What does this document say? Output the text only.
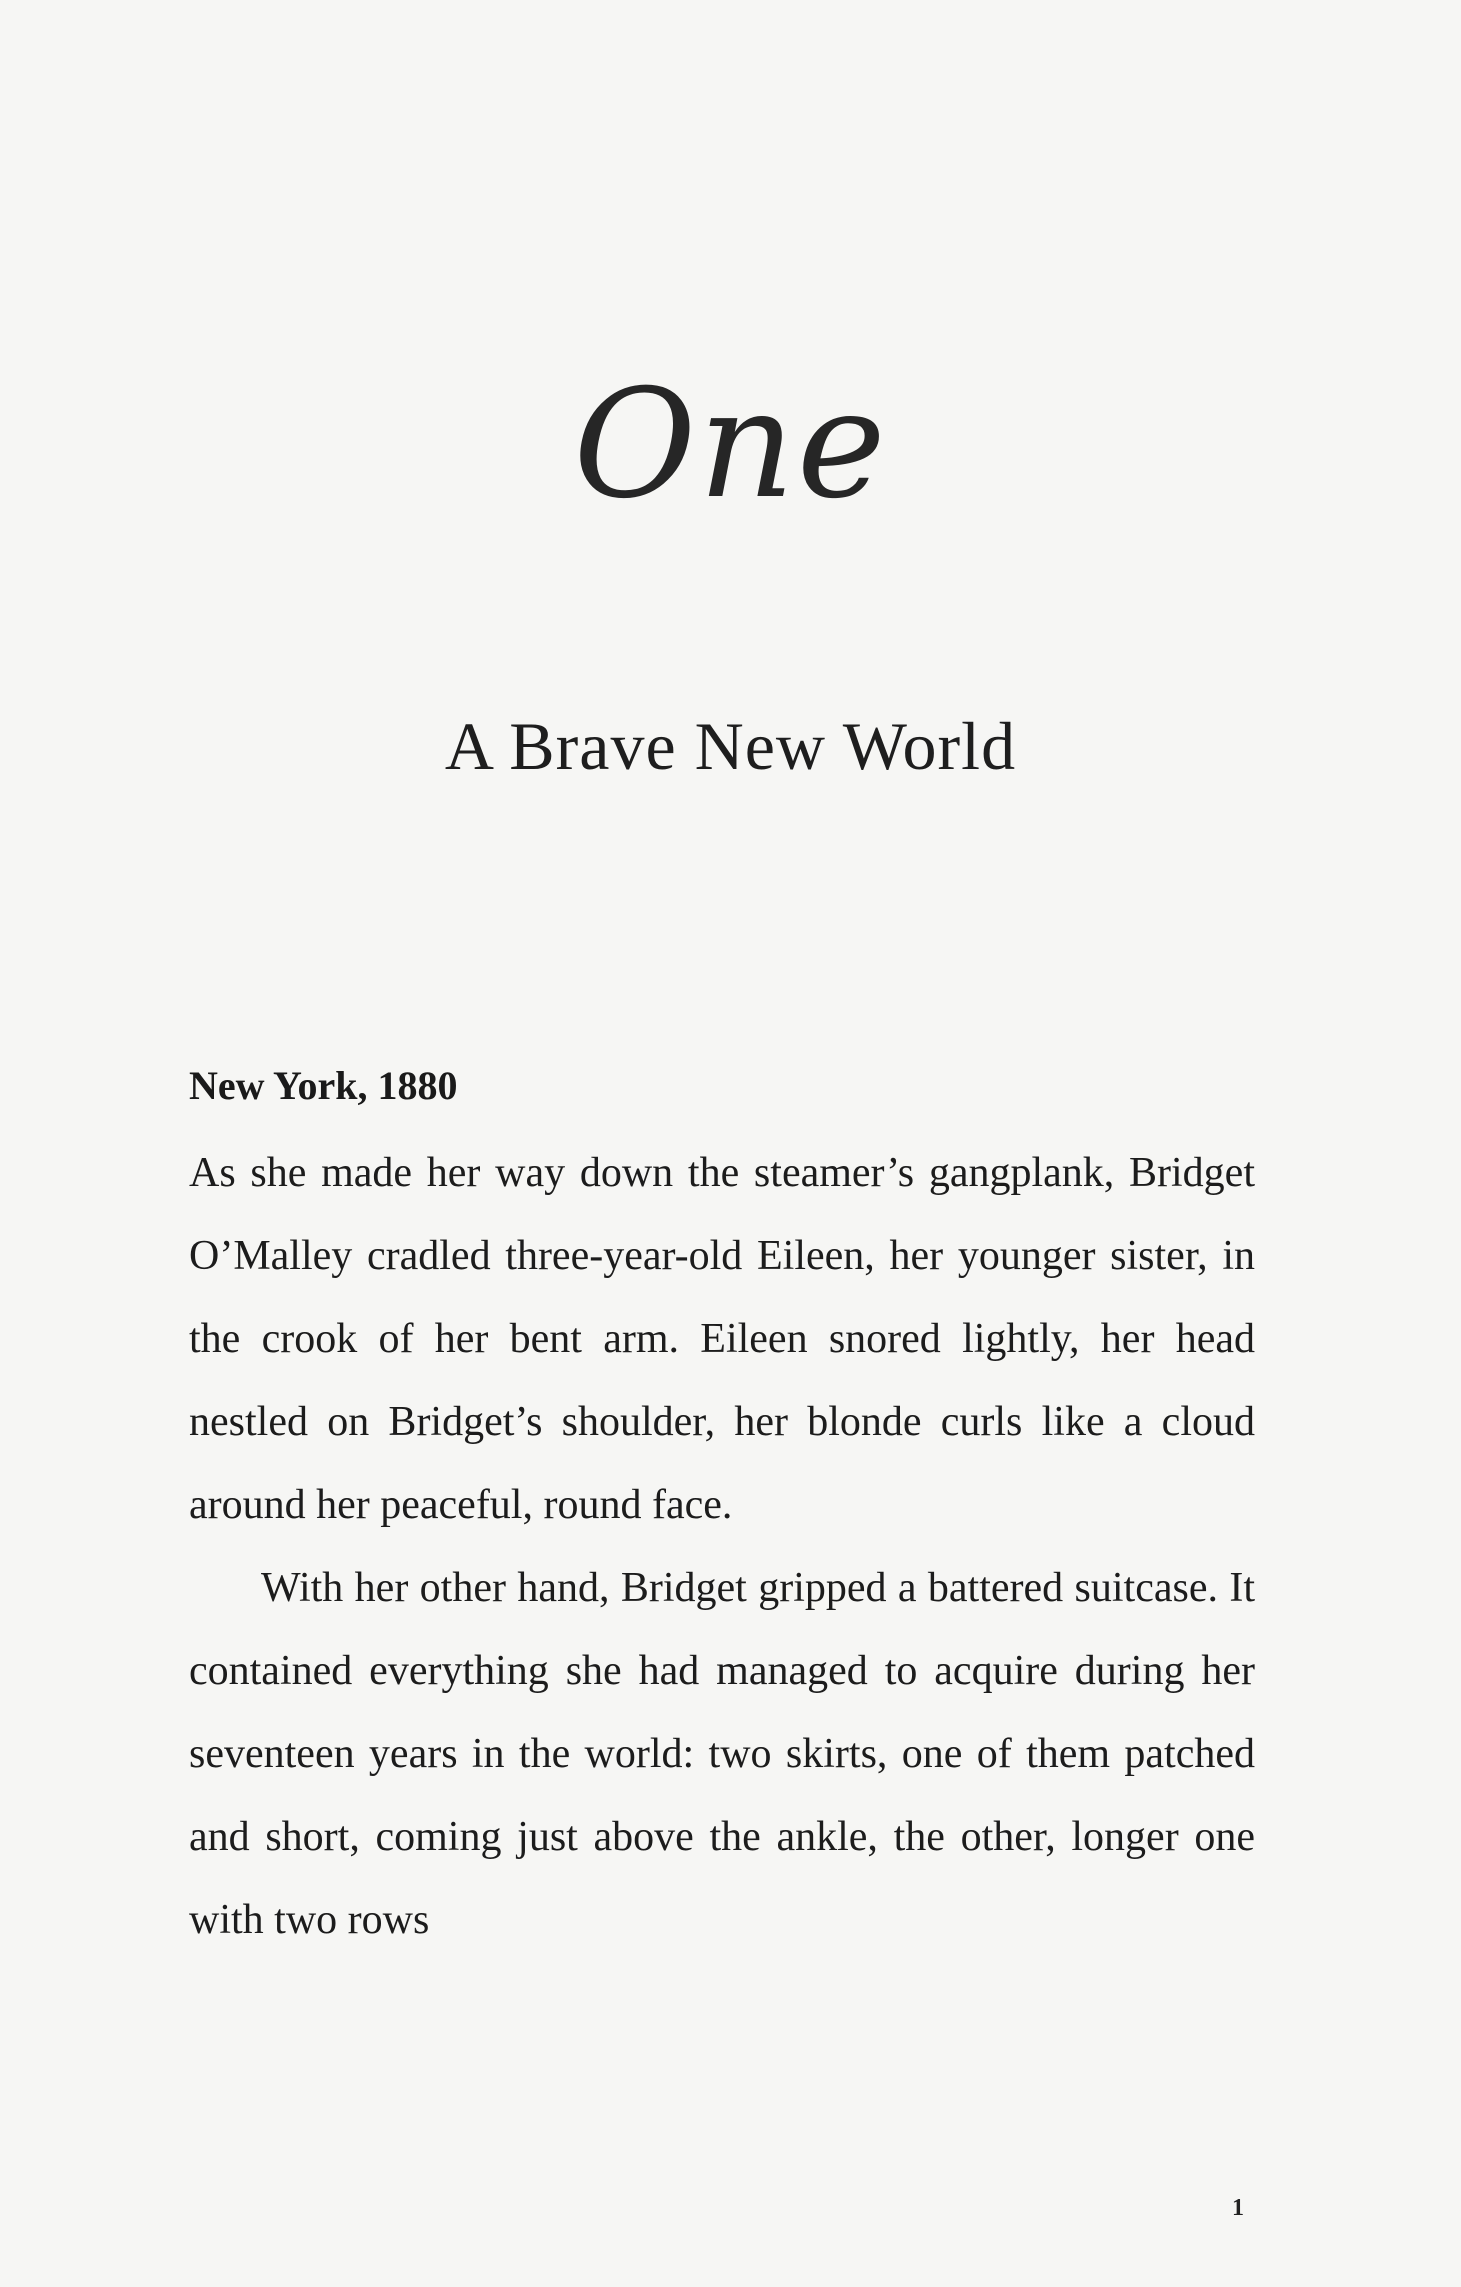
One
A Brave New World
New York, 1880

As she made her way down the steamer’s gangplank, Bridget O’Malley cradled three-year-old Eileen, her younger sister, in the crook of her bent arm. Eileen snored lightly, her head nestled on Bridget’s shoulder, her blonde curls like a cloud around her peaceful, round face.

With her other hand, Bridget gripped a battered suitcase. It contained everything she had managed to acquire during her seventeen years in the world: two skirts, one of them patched and short, coming just above the ankle, the other, longer one with two rows

1
